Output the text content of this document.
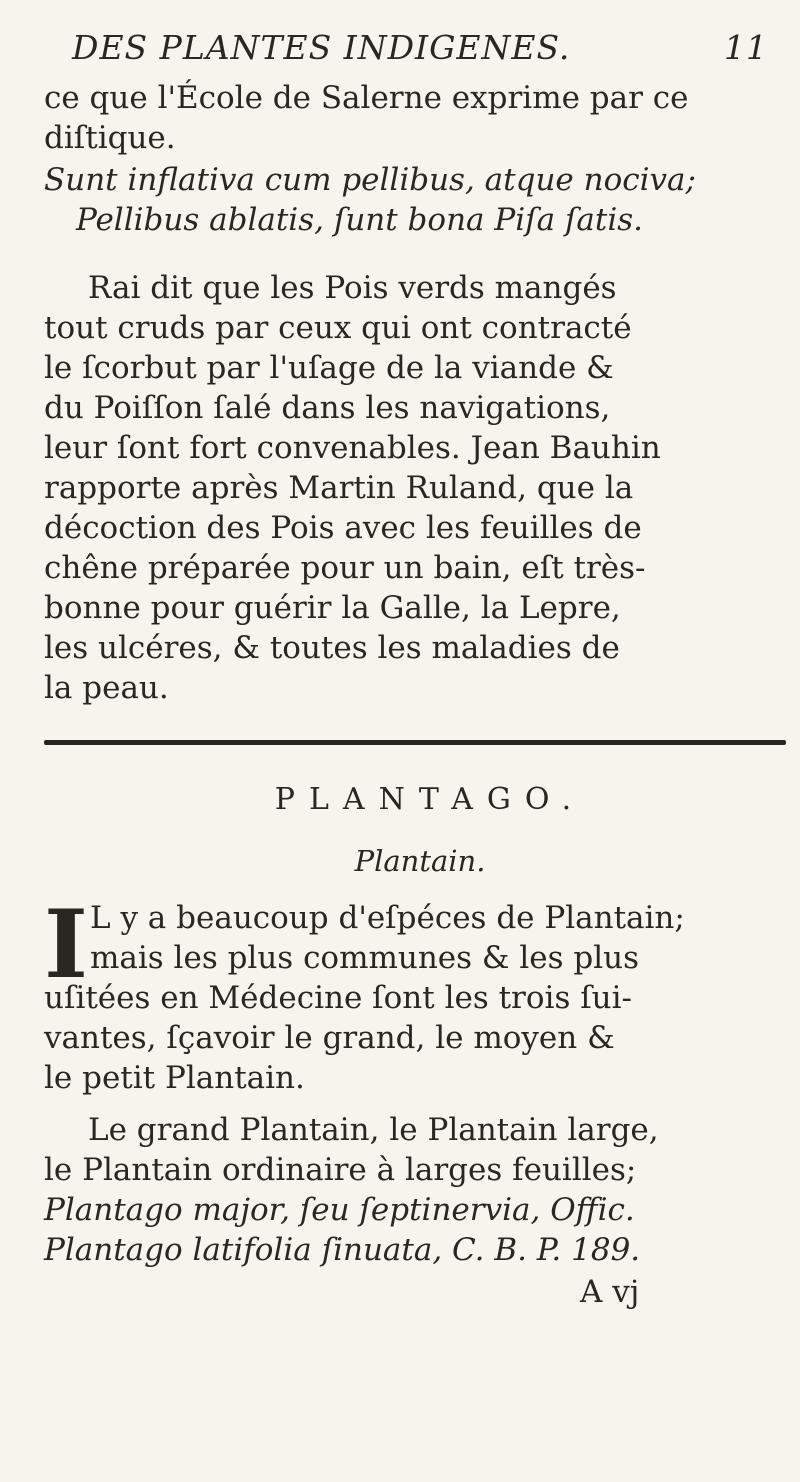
DES PLANTES INDIGENES.	11
ce que l'École de Salerne exprime par ce
diſtique.
Sunt inflativa cum pellibus, atque nociva;
Pellibus ablatis, ſunt bona Piſa ſatis.
Rai dit que les Pois verds mangés
tout cruds par ceux qui ont contracté
le ſcorbut par l'uſage de la viande &
du Poiſſon ſalé dans les navigations,
leur ſont fort convenables. Jean Bauhin
rapporte après Martin Ruland, que la
décoction des Pois avec les feuilles de
chêne préparée pour un bain, eſt très-
bonne pour guérir la Galle, la Lepre,
les ulcéres, & toutes les maladies de
la peau.
PLANTAGO.
Plantain.
I L y a beaucoup d'eſpéces de Plantain;
mais les plus communes & les plus
uſitées en Médecine ſont les trois ſui-
vantes, ſçavoir le grand, le moyen &
le petit Plantain.
Le grand Plantain, le Plantain large,
le Plantain ordinaire à larges feuilles;
Plantago major, ſeu ſeptinervia, Offic.
Plantago latifolia ſinuata, C. B. P. 189.
A vj
